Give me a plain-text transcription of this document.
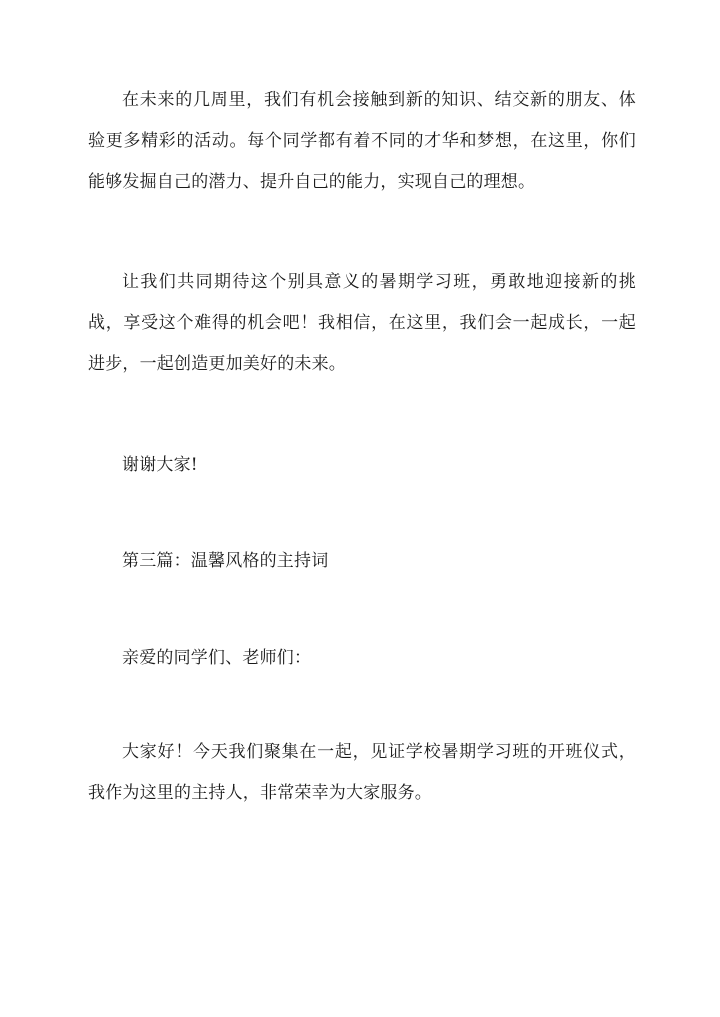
在未来的几周里，我们有机会接触到新的知识、结交新的朋友、体验更多精彩的活动。每个同学都有着不同的才华和梦想，在这里，你们能够发掘自己的潜力、提升自己的能力，实现自己的理想。

让我们共同期待这个别具意义的暑期学习班，勇敢地迎接新的挑战，享受这个难得的机会吧！我相信，在这里，我们会一起成长，一起进步，一起创造更加美好的未来。

谢谢大家!

第三篇：温馨风格的主持词

亲爱的同学们、老师们：

大家好！今天我们聚集在一起，见证学校暑期学习班的开班仪式，我作为这里的主持人，非常荣幸为大家服务。
